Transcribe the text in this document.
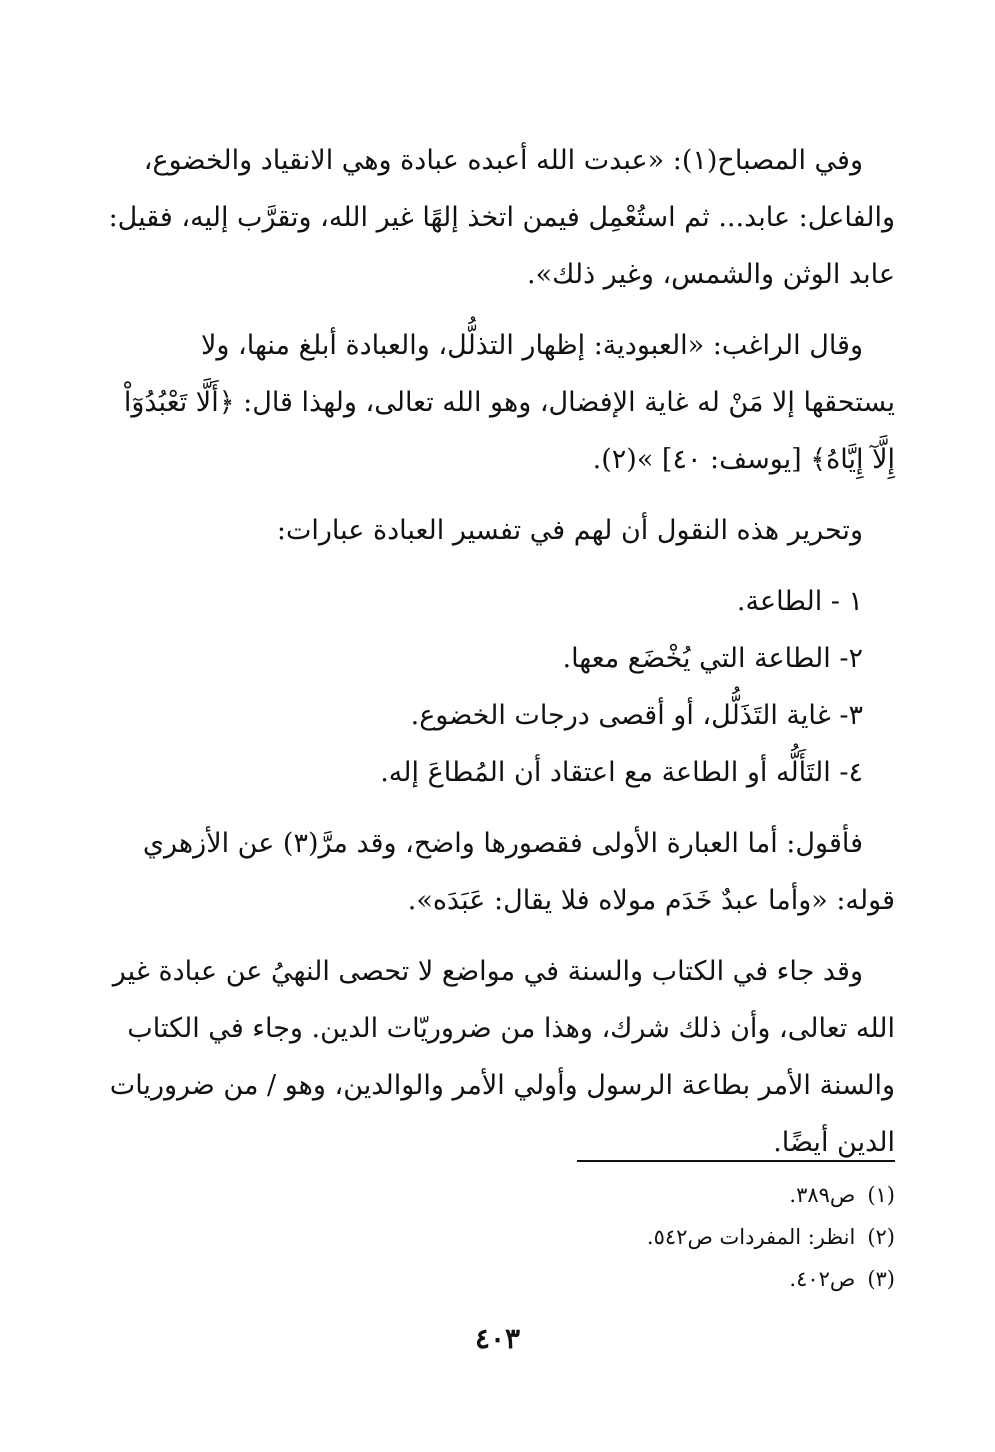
وفي المصباح(١): «عبدت الله أعبده عبادة وهي الانقياد والخضوع،

والفاعل: عابد... ثم استُعْمِل فيمن اتخذ إلهًا غير الله، وتقرَّب إليه، فقيل:

عابد الوثن والشمس، وغير ذلك».

وقال الراغب: «العبودية: إظهار التذلُّل، والعبادة أبلغ منها، ولا

يستحقها إلا مَنْ له غاية الإفضال، وهو الله تعالى، ولهذا قال: ﴿أَلَّا تَعْبُدُوٓاْ

إِلَّآ إِيَّاهُ﴾ [يوسف: ٤٠] »(٢).

وتحرير هذه النقول أن لهم في تفسير العبادة عبارات:

١ - الطاعة.
٢- الطاعة التي يُخْضَع معها.
٣- غاية التَذَلُّل، أو أقصى درجات الخضوع.
٤- التَأَلُّه أو الطاعة مع اعتقاد أن المُطاعَ إله.

فأقول: أما العبارة الأولى فقصورها واضح، وقد مرَّ(٣) عن الأزهري

قوله: «وأما عبدٌ خَدَم مولاه فلا يقال: عَبَدَه».

وقد جاء في الكتاب والسنة في مواضع لا تحصى النهيُ عن عبادة غير

الله تعالى، وأن ذلك شرك، وهذا من ضروريّات الدين. وجاء في الكتاب

والسنة الأمر بطاعة الرسول وأولي الأمر والوالدين، وهو / من ضروريات

الدين أيضًا.

(١)ص٣٨٩.
(٢)انظر: المفردات ص٥٤٢.
(٣)ص٤٠٢.
٤٠٣
